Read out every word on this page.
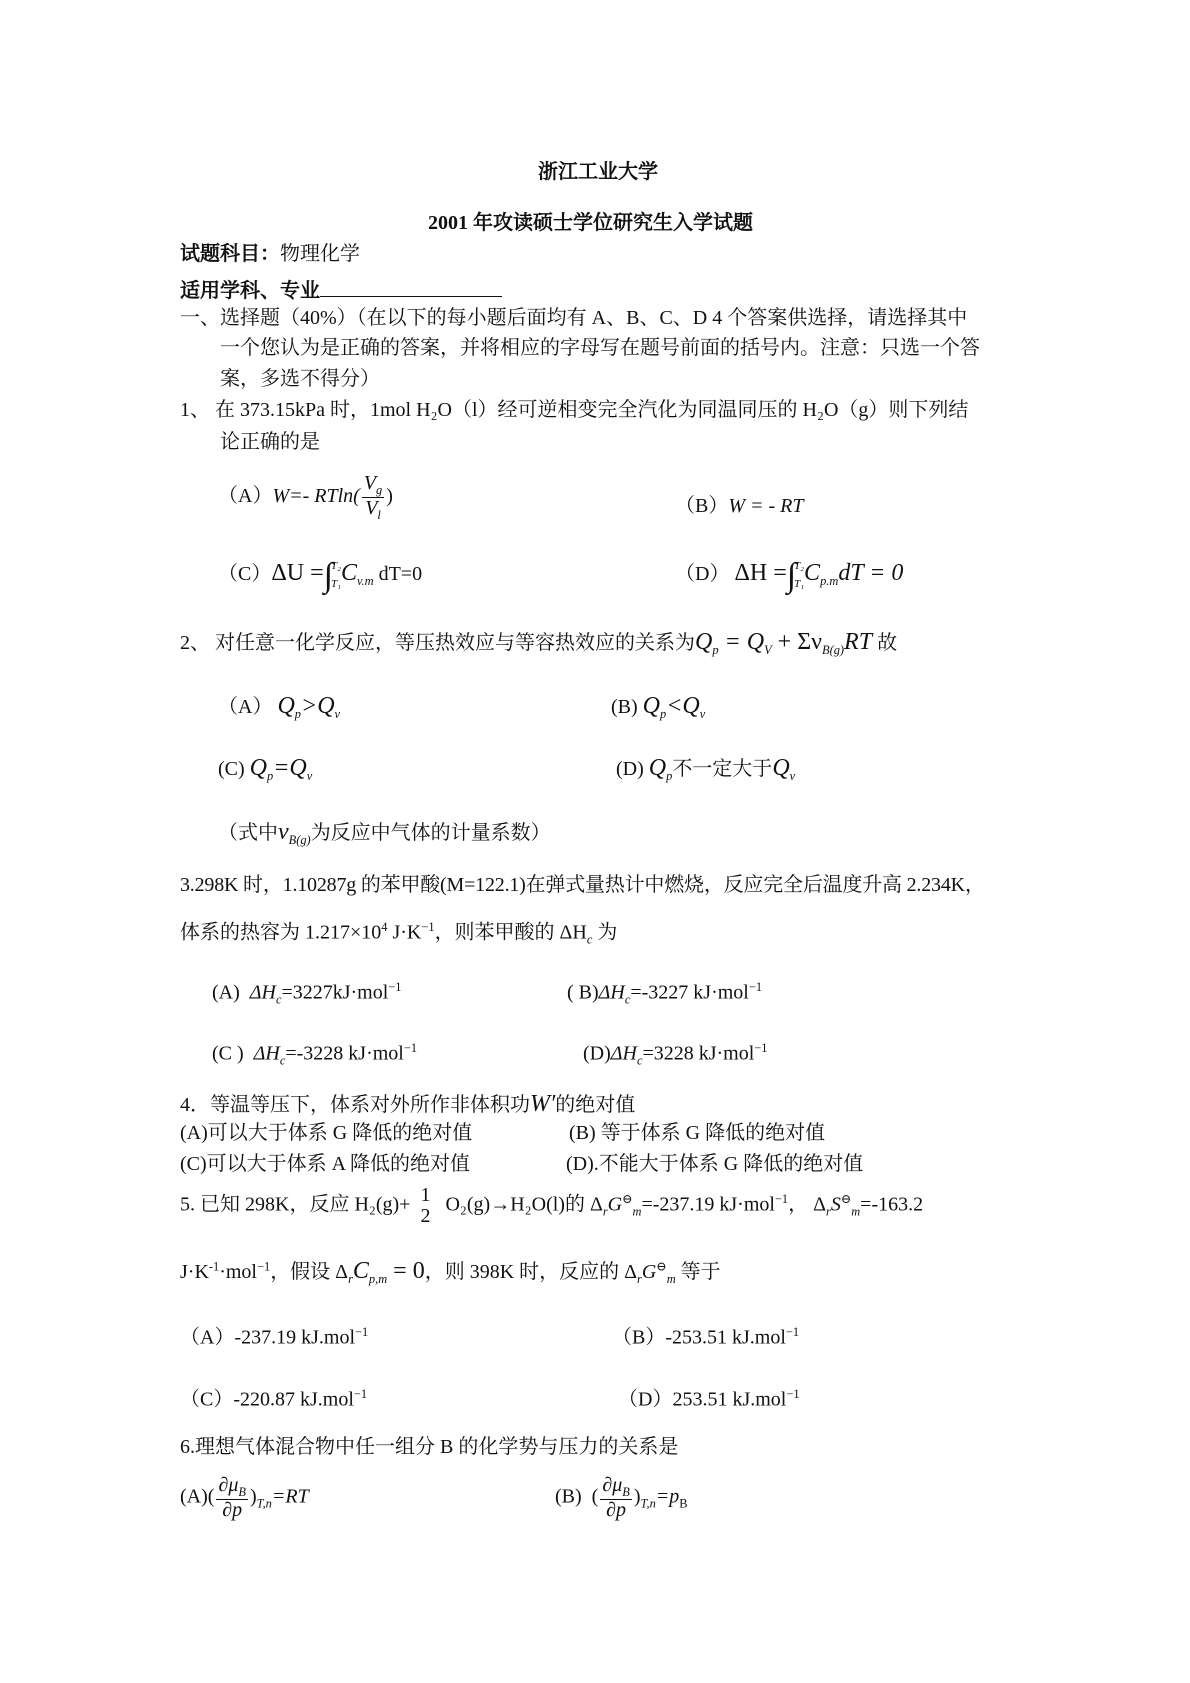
浙江工业大学
2001 年攻读硕士学位研究生入学试题
试题科目：物理化学
适用学科、专业
一、选择题（40%）（在以下的每小题后面均有 A、B、C、D 4 个答案供选择，请选择其中
一个您认为是正确的答案，并将相应的字母写在题号前面的括号内。注意：只选一个答
案，多选不得分）
1、 在 373.15kPa 时，1mol H₂O（l）经可逆相变完全汽化为同温同压的 H₂O（g）则下列结
论正确的是
（A）W=- $RTln( \frac{V_g}{V_l}$ )	（B）W = - RT
（C）ΔU =∫
T₂
T₁ $C_{v.m}$ dT=0	（D） ΔH =∫
T₂
T₁ $C_{p.m}dT = 0$
2、 对任意一化学反应，等压热效应与等容热效应的关系为$Q_p = Q_V + \Sigma\nu_{B(g)}RT$ 故
（A） $Q_p>Q_v$	(B) $Q_p<Q_v$
(C) $Q_p=Q_v$	(D) $Q_p$不一定大于$Q_v$
（式中$\nu_{B(g)}$为反应中气体的计量系数）
3.298K 时，1.10287g 的苯甲酸(M=122.1)在弹式量热计中燃烧，反应完全后温度升高 2.234K，
体系的热容为 $1.217\times 10^4$ $J\cdot K^{-1}$，则苯甲酸的 $\Delta H_c$ 为
(A) $\Delta H_c=3227kJ\cdot mol^{-1}$	( $B)\Delta H_c=-3227$ kJ·mol$^{-1}$
(C ) $\Delta H_c=-3228$ kJ·mol$^{-1}$	$(D)\Delta H_c=3228$ kJ·mol$^{-1}$
4．等温等压下，体系对外所作非体积功W′的绝对值
(A)可以大于体系 G 降低的绝对值	(B) 等于体系 G 降低的绝对值
(C)可以大于体系 A 降低的绝对值	(D).不能大于体系 G 降低的绝对值
5. 已知 298K，反应 H₂(g)+ 1
2
O₂(g)→H₂O(l)的 $\Delta_rG^⊖_m=-237.19$ kJ·mol$^{-1}$， $\Delta_rS^⊖_m=-163.2$
$J\cdot K^{-1}\cdot mol^{-1}$，假设 $\Delta_rC_{p,m} = 0$，则 398K 时，反应的 $\Delta_rG^⊖_m$ 等于
（A）-237.19 kJ.mol$^{-1}$	（B）-253.51 kJ.mol$^{-1}$
（C）-220.87 kJ.mol$^{-1}$	（D）253.51 kJ.mol$^{-1}$
6.理想气体混合物中任一组分 B 的化学势与压力的关系是
$(A)( \frac{\partial\mu_B}{\partial p} )_{T,n}=RT$	(B) ( $\frac{\partial\mu_B}{\partial p} )_{T,n}=p_B$
